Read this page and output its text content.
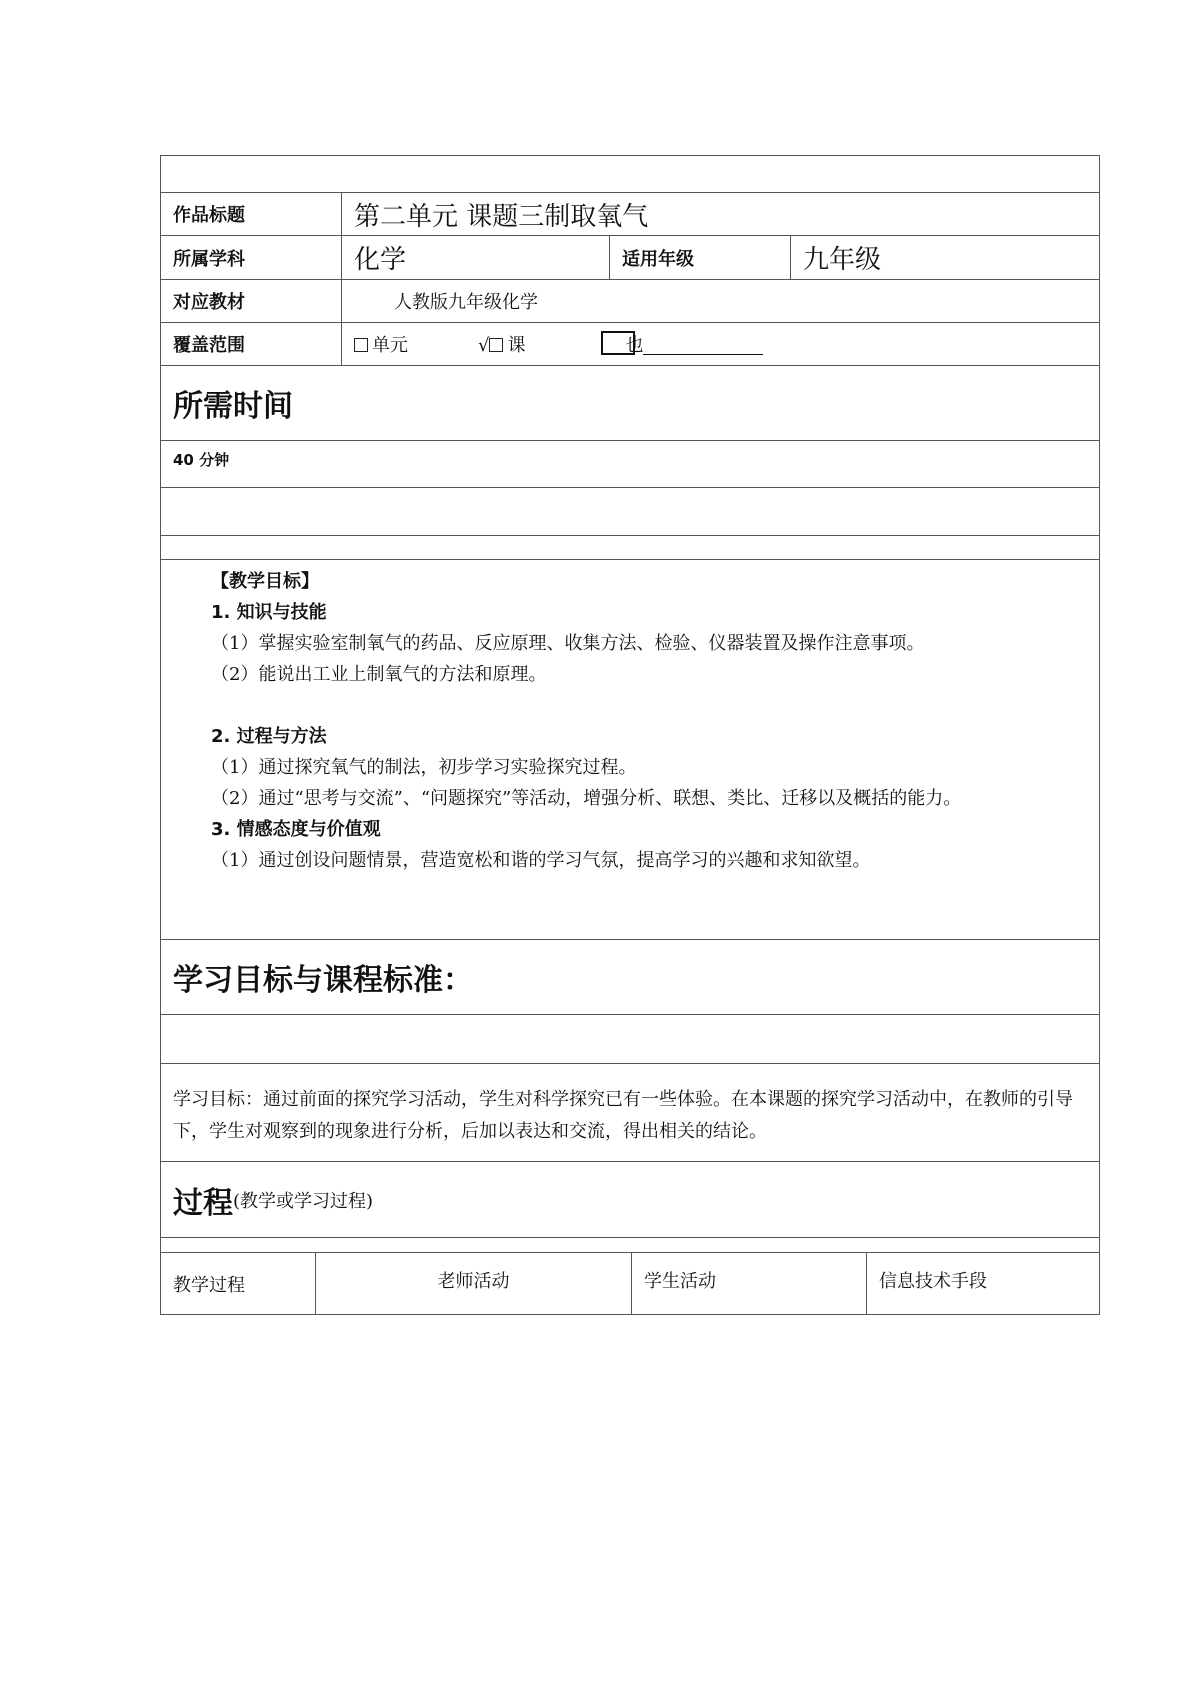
作品标题	第二单元 课题三制取氧气
所属学科	化学	适用年级	九年级
对应教材	人教版九年级化学
覆盖范围	单元	√ 课	也
所需时间
40 分钟
【教学目标】
1. 知识与技能
（1）掌握实验室制氧气的药品、反应原理、收集方法、检验、仪器装置及操作注意事项。
（2）能说出工业上制氧气的方法和原理。
2. 过程与方法
（1）通过探究氧气的制法，初步学习实验探究过程。
（2）通过“思考与交流”、“问题探究”等活动，增强分析、联想、类比、迁移以及概括的能力。
3. 情感态度与价值观
（1）通过创设问题情景，营造宽松和谐的学习气氛，提高学习的兴趣和求知欲望。
学习目标与课程标准：
学习目标：通过前面的探究学习活动，学生对科学探究已有一些体验。在本课题的探究学习活动中，在教师的引导下，学生对观察到的现象进行分析，后加以表达和交流，得出相关的结论。
过程 (教学或学习过程)
教学过程	老师活动	学生活动	信息技术手段
